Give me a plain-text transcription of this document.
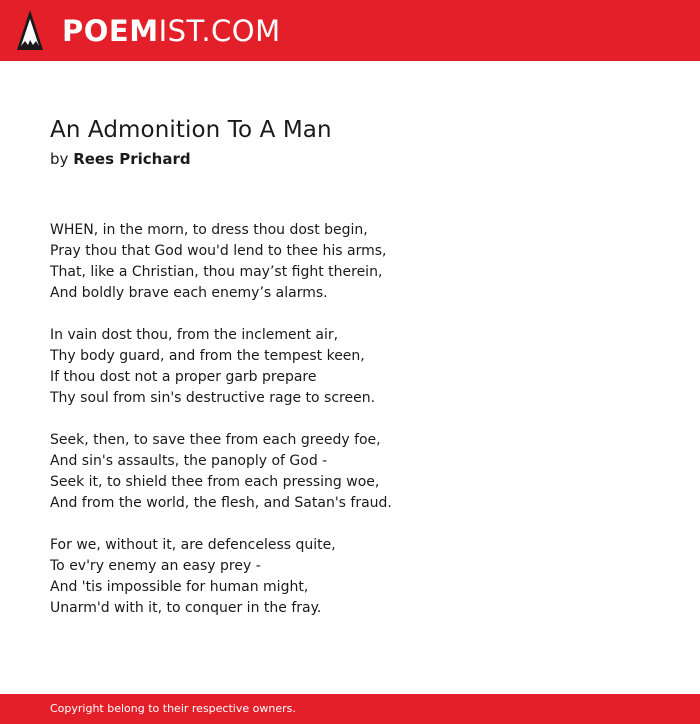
POEMIST.COM
An Admonition To A Man
by Rees Prichard
WHEN, in the morn, to dress thou dost begin,
Pray thou that God wou'd lend to thee his arms,
That, like a Christian, thou may’st fight therein,
And boldly brave each enemy’s alarms.
In vain dost thou, from the inclement air,
Thy body guard, and from the tempest keen,
If thou dost not a proper garb prepare
Thy soul from sin's destructive rage to screen.
Seek, then, to save thee from each greedy foe,
And sin's assaults, the panoply of God -
Seek it, to shield thee from each pressing woe,
And from the world, the flesh, and Satan's fraud.
For we, without it, are defenceless quite,
To ev'ry enemy an easy prey -
And 'tis impossible for human might,
Unarm'd with it, to conquer in the fray.
Copyright belong to their respective owners.
